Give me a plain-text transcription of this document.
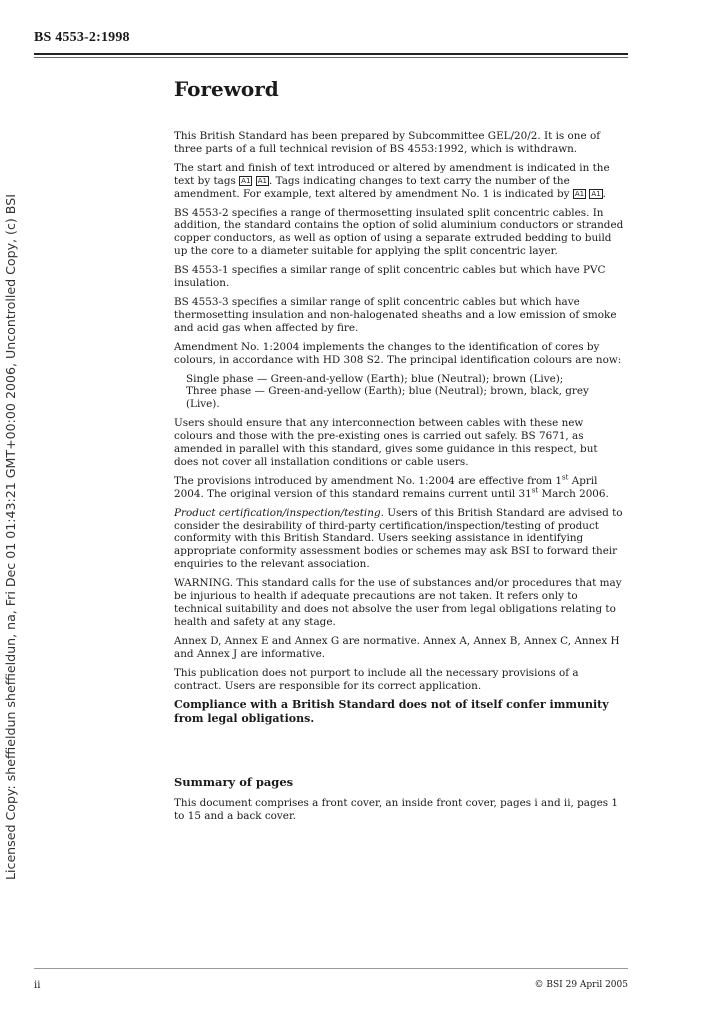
BS 4553-2:1998
Licensed Copy: sheffieldun sheffieldun, na, Fri Dec 01 01:43:21 GMT+00:00 2006, Uncontrolled Copy, (c) BSI
Foreword

This British Standard has been prepared by Subcommittee GEL/20/2. It is one of three parts of a full technical revision of BS 4553:1992, which is withdrawn.

The start and finish of text introduced or altered by amendment is indicated in the text by tags A1 A1 . Tags indicating changes to text carry the number of the amendment. For example, text altered by amendment No. 1 is indicated by A1 A1 .

BS 4553-2 specifies a range of thermosetting insulated split concentric cables. In addition, the standard contains the option of solid aluminium conductors or stranded copper conductors, as well as option of using a separate extruded bedding to build up the core to a diameter suitable for applying the split concentric layer.

BS 4553-1 specifies a similar range of split concentric cables but which have PVC insulation.

BS 4553-3 specifies a similar range of split concentric cables but which have thermosetting insulation and non-halogenated sheaths and a low emission of smoke and acid gas when affected by fire.

Amendment No. 1:2004 implements the changes to the identification of cores by colours, in accordance with HD 308 S2. The principal identification colours are now:

Single phase — Green-and-yellow (Earth); blue (Neutral); brown (Live);
Three phase — Green-and-yellow (Earth); blue (Neutral); brown, black, grey (Live).

Users should ensure that any interconnection between cables with these new colours and those with the pre-existing ones is carried out safely. BS 7671, as amended in parallel with this standard, gives some guidance in this respect, but does not cover all installation conditions or cable users.

The provisions introduced by amendment No. 1:2004 are effective from 1st April 2004. The original version of this standard remains current until 31st March 2006.

Product certification/inspection/testing. Users of this British Standard are advised to consider the desirability of third-party certification/inspection/testing of product conformity with this British Standard. Users seeking assistance in identifying appropriate conformity assessment bodies or schemes may ask BSI to forward their enquiries to the relevant association.

WARNING. This standard calls for the use of substances and/or procedures that may be injurious to health if adequate precautions are not taken. It refers only to technical suitability and does not absolve the user from legal obligations relating to health and safety at any stage.

Annex D, Annex E and Annex G are normative. Annex A, Annex B, Annex C, Annex H and Annex J are informative.

This publication does not purport to include all the necessary provisions of a contract. Users are responsible for its correct application.

Compliance with a British Standard does not of itself confer immunity from legal obligations.

Summary of pages

This document comprises a front cover, an inside front cover, pages i and ii, pages 1 to 15 and a back cover.

ii	© BSI 29 April 2005
